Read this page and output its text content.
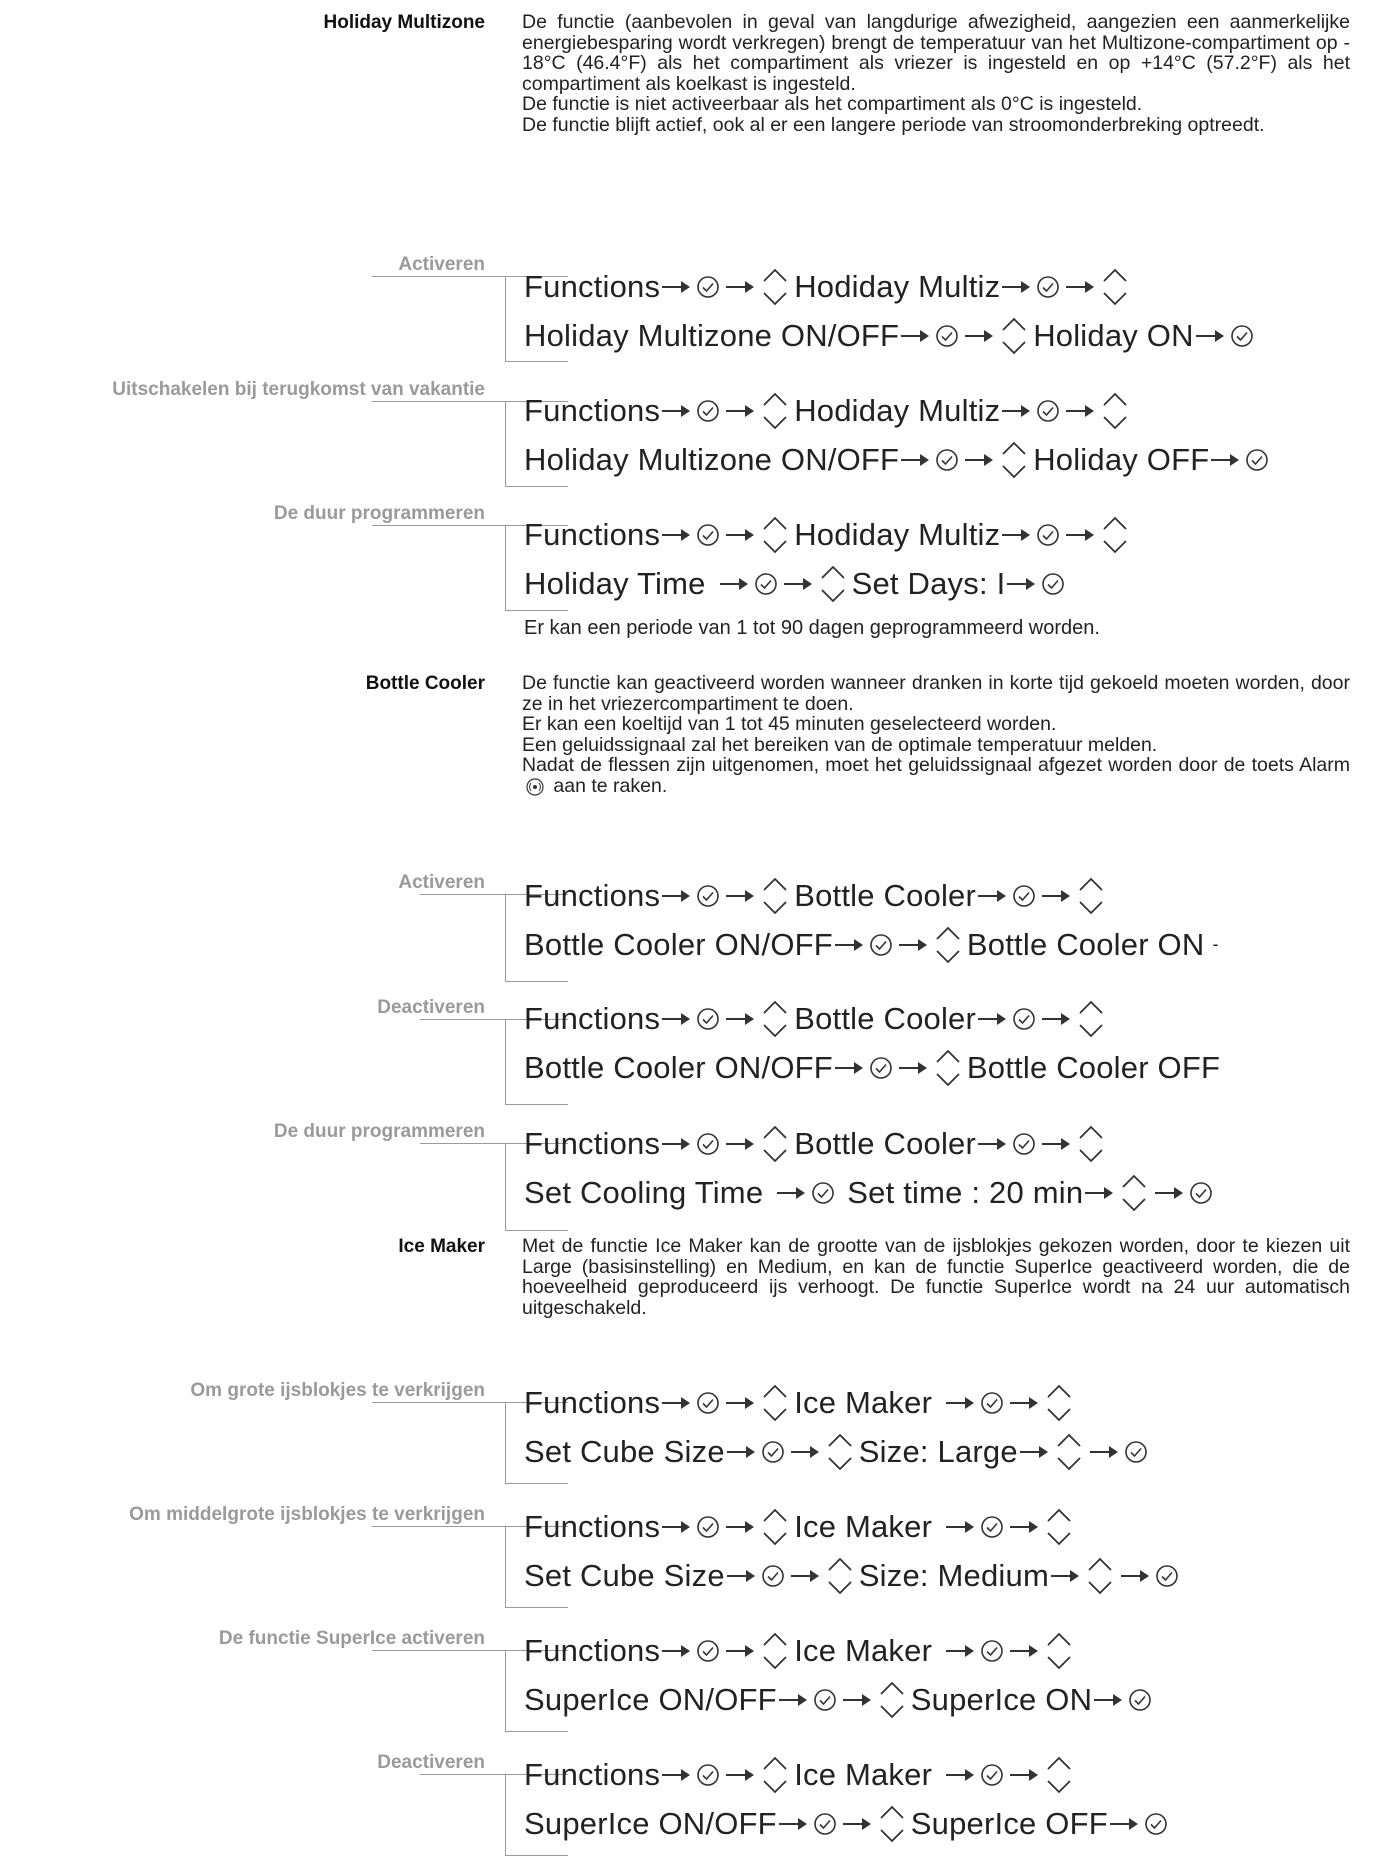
Holiday Multizone De functie (aanbevolen in geval van langdurige afwezigheid, aangezien een aanmerkelijke energiebesparing wordt verkregen) brengt de temperatuur van het Multizone-compartiment op - 18°C (46.4°F) als het compartiment als vriezer is ingesteld en op +14°C (57.2°F) als het compartiment als koelkast is ingesteld.

De functie is niet activeerbaar als het compartiment als 0°C is ingesteld.

De functie blijft actief, ook al er een langere periode van stroomonderbreking optreedt.

Activeren
Functions	Hodiday Multiz
Holiday Multizone ON/OFF	Holiday ON
Uitschakelen bij terugkomst van vakantie
Functions	Hodiday Multiz
Holiday Multizone ON/OFF	Holiday OFF
De duur programmeren
Functions	Hodiday Multiz
Holiday Time	Set Days: I
Er kan een periode van 1 tot 90 dagen geprogrammeerd worden.
Bottle Cooler De functie kan geactiveerd worden wanneer dranken in korte tijd gekoeld moeten worden, door ze in het vriezercompartiment te doen.

Er kan een koeltijd van 1 tot 45 minuten geselecteerd worden.

Een geluidssignaal zal het bereiken van de optimale temperatuur melden.

Nadat de flessen zijn uitgenomen, moet het geluidssignaal afgezet worden door de toets Alarm  aan te raken.

Activeren Functions	Bottle Cooler
Bottle Cooler ON/OFF	Bottle Cooler ON -
Deactiveren Functions	Bottle Cooler
Bottle Cooler ON/OFF	Bottle Cooler OFF
De duur programmeren Functions	Bottle Cooler
Set Cooling Time	Set time : 20 min
Ice Maker Met de functie Ice Maker kan de grootte van de ijsblokjes gekozen worden, door te kiezen uit Large (basisinstelling) en Medium, en kan de functie SuperIce geactiveerd worden, die de hoeveelheid geproduceerd ijs verhoogt. De functie SuperIce wordt na 24 uur automatisch uitgeschakeld.

Om grote ijsblokjes te verkrijgen Functions	Ice Maker
Set Cube Size	Size: Large
Om middelgrote ijsblokjes te verkrijgen Functions	Ice Maker
Set Cube Size	Size: Medium
De functie SuperIce activeren Functions	Ice Maker
SuperIce ON/OFF	SuperIce ON
Deactiveren Functions	Ice Maker
SuperIce ON/OFF	SuperIce OFF
